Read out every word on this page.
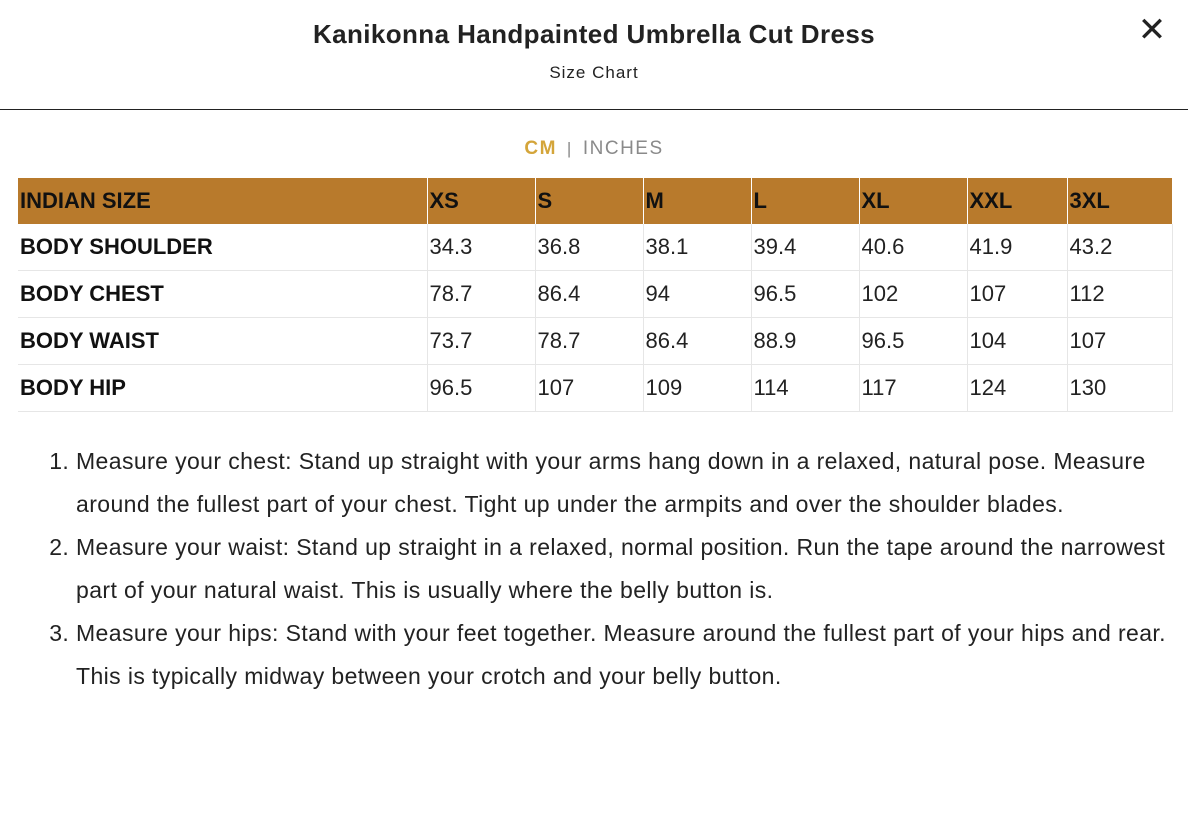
Kanikonna Handpainted Umbrella Cut Dress
Size Chart
✕
CM | INCHES
INDIAN SIZE	XS	S	M	L	XL	XXL	3XL
BODY SHOULDER	34.3	36.8	38.1	39.4	40.6	41.9	43.2
BODY CHEST	78.7	86.4	94	96.5	102	107	112
BODY WAIST	73.7	78.7	86.4	88.9	96.5	104	107
BODY HIP	96.5	107	109	114	117	124	130
1. Measure your chest: Stand up straight with your arms hang down in a relaxed, natural pose. Measure around the fullest part of your chest. Tight up under the armpits and over the shoulder blades.
2. Measure your waist: Stand up straight in a relaxed, normal position. Run the tape around the narrowest part of your natural waist. This is usually where the belly button is.
3. Measure your hips: Stand with your feet together. Measure around the fullest part of your hips and rear. This is typically midway between your crotch and your belly button.
